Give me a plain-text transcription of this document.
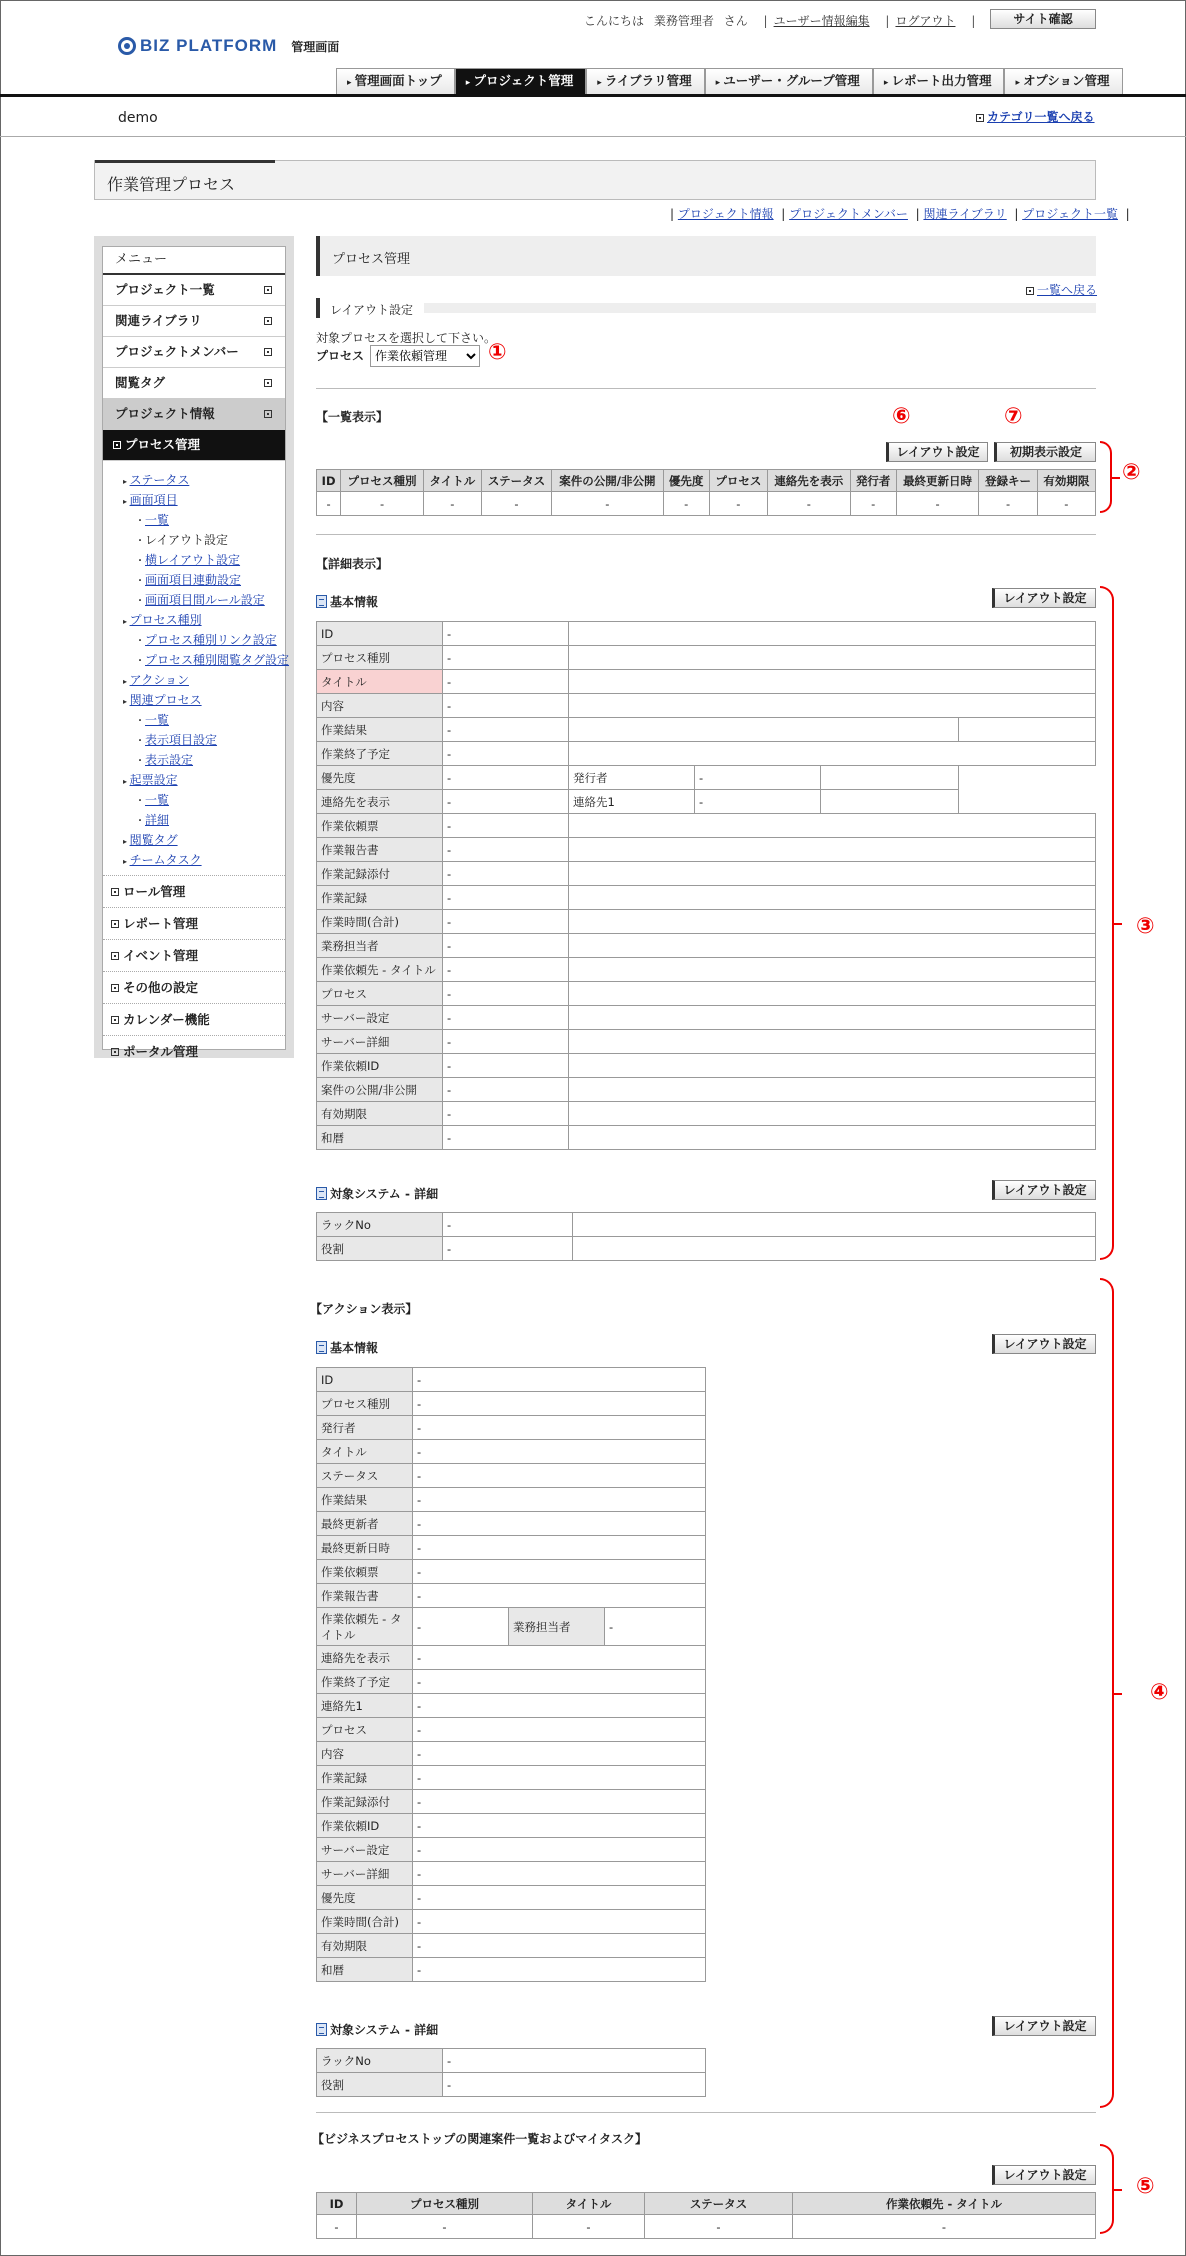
こんにちは 業務管理者 さん | ユーザー情報編集 | ログアウト |	サイト確認
BIZ PLATFORM 管理画面
▸ 管理画面トップ	▸ プロジェクト管理	▸ ライブラリ管理	▸ ユーザー・グループ管理	▸ レポート出力管理	▸ オプション管理
demo	カテゴリ一覧へ戻る
作業管理プロセス
| プロジェクト情報  | プロジェクトメンバー  | 関連ライブラリ  | プロジェクト一覧  |
メニュー
プロジェクト一覧
関連ライブラリ
プロジェクトメンバー
閲覧タグ
プロジェクト情報
プロセス管理
▸ ステータス
▸ 画面項目
・ 一覧
・ レイアウト設定
・ 横レイアウト設定
・ 画面項目連動設定
・ 画面項目間ルール設定
▸ プロセス種別
・ プロセス種別リンク設定
・ プロセス種別閲覧タグ設定
▸ アクション
▸ 関連プロセス
・ 一覧
・ 表示項目設定
・ 表示設定
▸ 起票設定
・ 一覧
・ 詳細
▸ 閲覧タグ
▸ チームタスク
ロール管理
レポート管理
イベント管理
その他の設定
カレンダー機能
ポータル管理
プロセス管理
一覧へ戻る
レイアウト設定
対象プロセスを選択して下さい。
プロセス
作業依頼管理	①
【一覧表示】	⑥	⑦
レイアウト設定	初期表示設定
ID	プロセス種別	タイトル	ステータス	案件の公開/非公開	優先度	プロセス	連絡先を表示	発行者	最終更新日時	登録キー	有効期限
-	-	-	-	-	-	-	-	-	-	-	-
②
【詳細表示】
基本情報	レイアウト設定
ID	-				
プロセス種別	-				
タイトル	-				
内容	-				
作業結果	-				
作業終了予定	-				
優先度	-	発行者	-		
連絡先を表示	-	連絡先1	-		
作業依頼票	-				
作業報告書	-				
作業記録添付	-				
作業記録	-				
作業時間(合計)	-				
業務担当者	-				
作業依頼先 - タイトル	-				
プロセス	-				
サーバー設定	-				
サーバー詳細	-				
作業依頼ID	-				
案件の公開/非公開	-				
有効期限	-				
和暦	-				
対象システム - 詳細	レイアウト設定
ラックNo	-	
役割	-	
③
【アクション表示】
基本情報	レイアウト設定
ID	-		
プロセス種別	-		
発行者	-		
タイトル	-		
ステータス	-		
作業結果	-		
最終更新者	-		
最終更新日時	-		
作業依頼票	-		
作業報告書	-		
作業依頼先 - タイトル	-	業務担当者	-
連絡先を表示	-		
作業終了予定	-		
連絡先1	-		
プロセス	-		
内容	-		
作業記録	-		
作業記録添付	-		
作業依頼ID	-		
サーバー設定	-		
サーバー詳細	-		
優先度	-		
作業時間(合計)	-		
有効期限	-		
和暦	-		
対象システム - 詳細	レイアウト設定
ラックNo	-
役割	-
④
【ビジネスプロセストップの関連案件一覧およびマイタスク】
レイアウト設定
ID	プロセス種別	タイトル	ステータス	作業依頼先 - タイトル
-	-	-	-	-
⑤
